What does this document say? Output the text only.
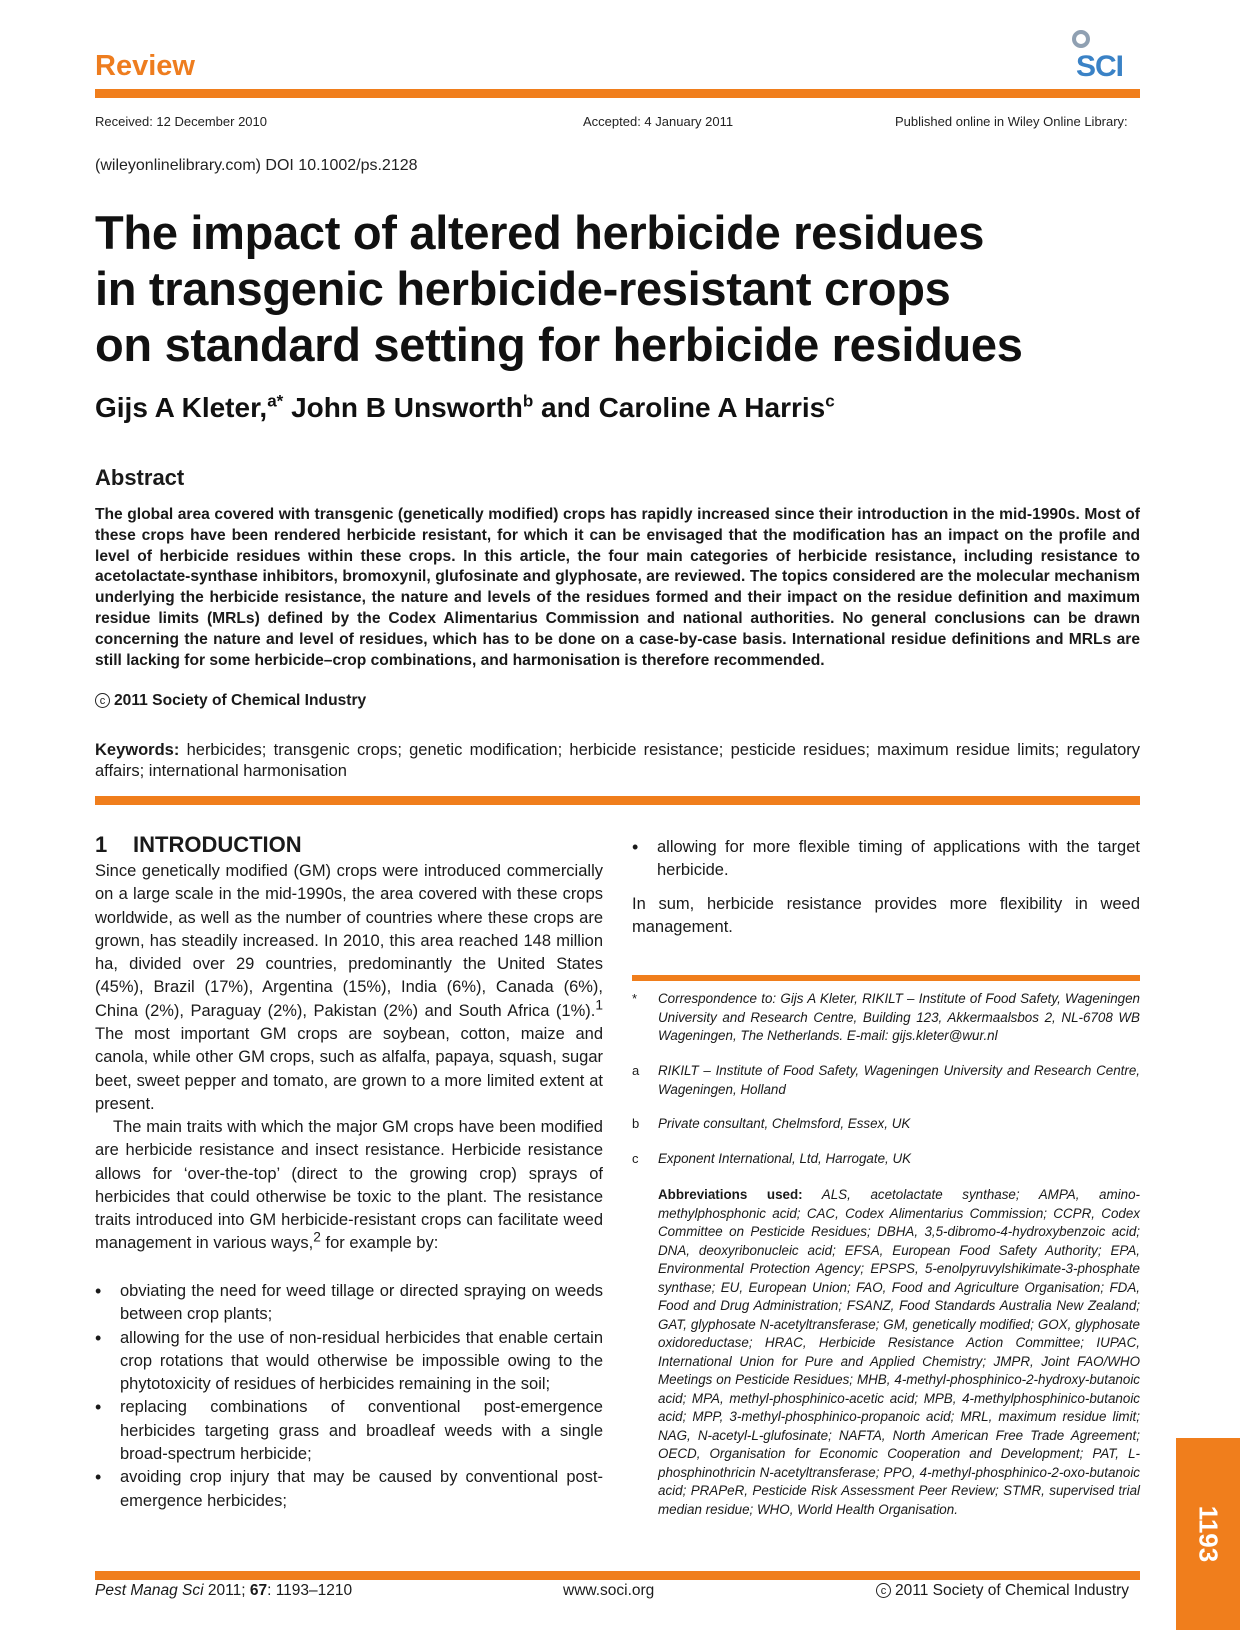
Review	SCI
Received: 12 December 2010	Accepted: 4 January 2011	Published online in Wiley Online Library:
(wileyonlinelibrary.com) DOI 10.1002/ps.2128
The impact of altered herbicide residues
in transgenic herbicide-resistant crops
on standard setting for herbicide residues
Gijs A Kleter,$^{a*}$ John B Unsworth$^b$ and Caroline A Harris$^c$
Abstract
The global area covered with transgenic (genetically modified) crops has rapidly increased since their introduction in the mid-1990s. Most of these crops have been rendered herbicide resistant, for which it can be envisaged that the modification has an impact on the profile and level of herbicide residues within these crops. In this article, the four main categories of herbicide resistance, including resistance to acetolactate-synthase inhibitors, bromoxynil, glufosinate and glyphosate, are reviewed. The topics considered are the molecular mechanism underlying the herbicide resistance, the nature and levels of the residues formed and their impact on the residue definition and maximum residue limits (MRLs) defined by the Codex Alimentarius Commission and national authorities. No general conclusions can be drawn concerning the nature and level of residues, which has to be done on a case-by-case basis. International residue definitions and MRLs are still lacking for some herbicide–crop combinations, and harmonisation is therefore recommended.
c 2011 Society of Chemical Industry
Keywords: herbicides; transgenic crops; genetic modification; herbicide resistance; pesticide residues; maximum residue limits; regulatory affairs; international harmonisation
1 INTRODUCTION
Since genetically modified (GM) crops were introduced commercially on a large scale in the mid-1990s, the area covered with these crops worldwide, as well as the number of countries where these crops are grown, has steadily increased. In 2010, this area reached 148 million ha, divided over 29 countries, predominantly the United States (45%), Brazil (17%), Argentina (15%), India (6%), Canada (6%), China (2%), Paraguay (2%), Pakistan (2%) and South Africa (1%).$^1$ The most important GM crops are soybean, cotton, maize and canola, while other GM crops, such as alfalfa, papaya, squash, sugar beet, sweet pepper and tomato, are grown to a more limited extent at present.
The main traits with which the major GM crops have been modified are herbicide resistance and insect resistance. Herbicide resistance allows for ‘over-the-top’ (direct to the growing crop) sprays of herbicides that could otherwise be toxic to the plant. The resistance traits introduced into GM herbicide-resistant crops can facilitate weed management in various ways,$^2$ for example by:
• obviating the need for weed tillage or directed spraying on weeds between crop plants;
• allowing for the use of non-residual herbicides that enable certain crop rotations that would otherwise be impossible owing to the phytotoxicity of residues of herbicides remaining in the soil;
• replacing combinations of conventional post-emergence herbicides targeting grass and broadleaf weeds with a single broad-spectrum herbicide;
• avoiding crop injury that may be caused by conventional post-emergence herbicides;
• allowing for more flexible timing of applications with the target herbicide.
In sum, herbicide resistance provides more flexibility in weed management.
* Correspondence to: Gijs A Kleter, RIKILT – Institute of Food Safety, Wageningen University and Research Centre, Building 123, Akkermaalsbos 2, NL-6708 WB Wageningen, The Netherlands. E-mail: gijs.kleter@wur.nl
a RIKILT – Institute of Food Safety, Wageningen University and Research Centre, Wageningen, Holland
b Private consultant, Chelmsford, Essex, UK
c Exponent International, Ltd, Harrogate, UK
Abbreviations used: ALS, acetolactate synthase; AMPA, amino-methylphosphonic acid; CAC, Codex Alimentarius Commission; CCPR, Codex Committee on Pesticide Residues; DBHA, 3,5-dibromo-4-hydroxybenzoic acid; DNA, deoxyribonucleic acid; EFSA, European Food Safety Authority; EPA, Environmental Protection Agency; EPSPS, 5-enolpyruvylshikimate-3-phosphate synthase; EU, European Union; FAO, Food and Agriculture Organisation; FDA, Food and Drug Administration; FSANZ, Food Standards Australia New Zealand; GAT, glyphosate N-acetyltransferase; GM, genetically modified; GOX, glyphosate oxidoreductase; HRAC, Herbicide Resistance Action Committee; IUPAC, International Union for Pure and Applied Chemistry; JMPR, Joint FAO/WHO Meetings on Pesticide Residues; MHB, 4-methyl-phosphinico-2-hydroxy-butanoic acid; MPA, methyl-phosphinico-acetic acid; MPB, 4-methylphosphinico-butanoic acid; MPP, 3-methyl-phosphinico-propanoic acid; MRL, maximum residue limit; NAG, N-acetyl-L-glufosinate; NAFTA, North American Free Trade Agreement; OECD, Organisation for Economic Cooperation and Development; PAT, L-phosphinothricin N-acetyltransferase; PPO, 4-methyl-phosphinico-2-oxo-butanoic acid; PRAPeR, Pesticide Risk Assessment Peer Review; STMR, supervised trial median residue; WHO, World Health Organisation.
Pest Manag Sci 2011; 67: 1193–1210	www.soci.org	c 2011 Society of Chemical Industry
1193
